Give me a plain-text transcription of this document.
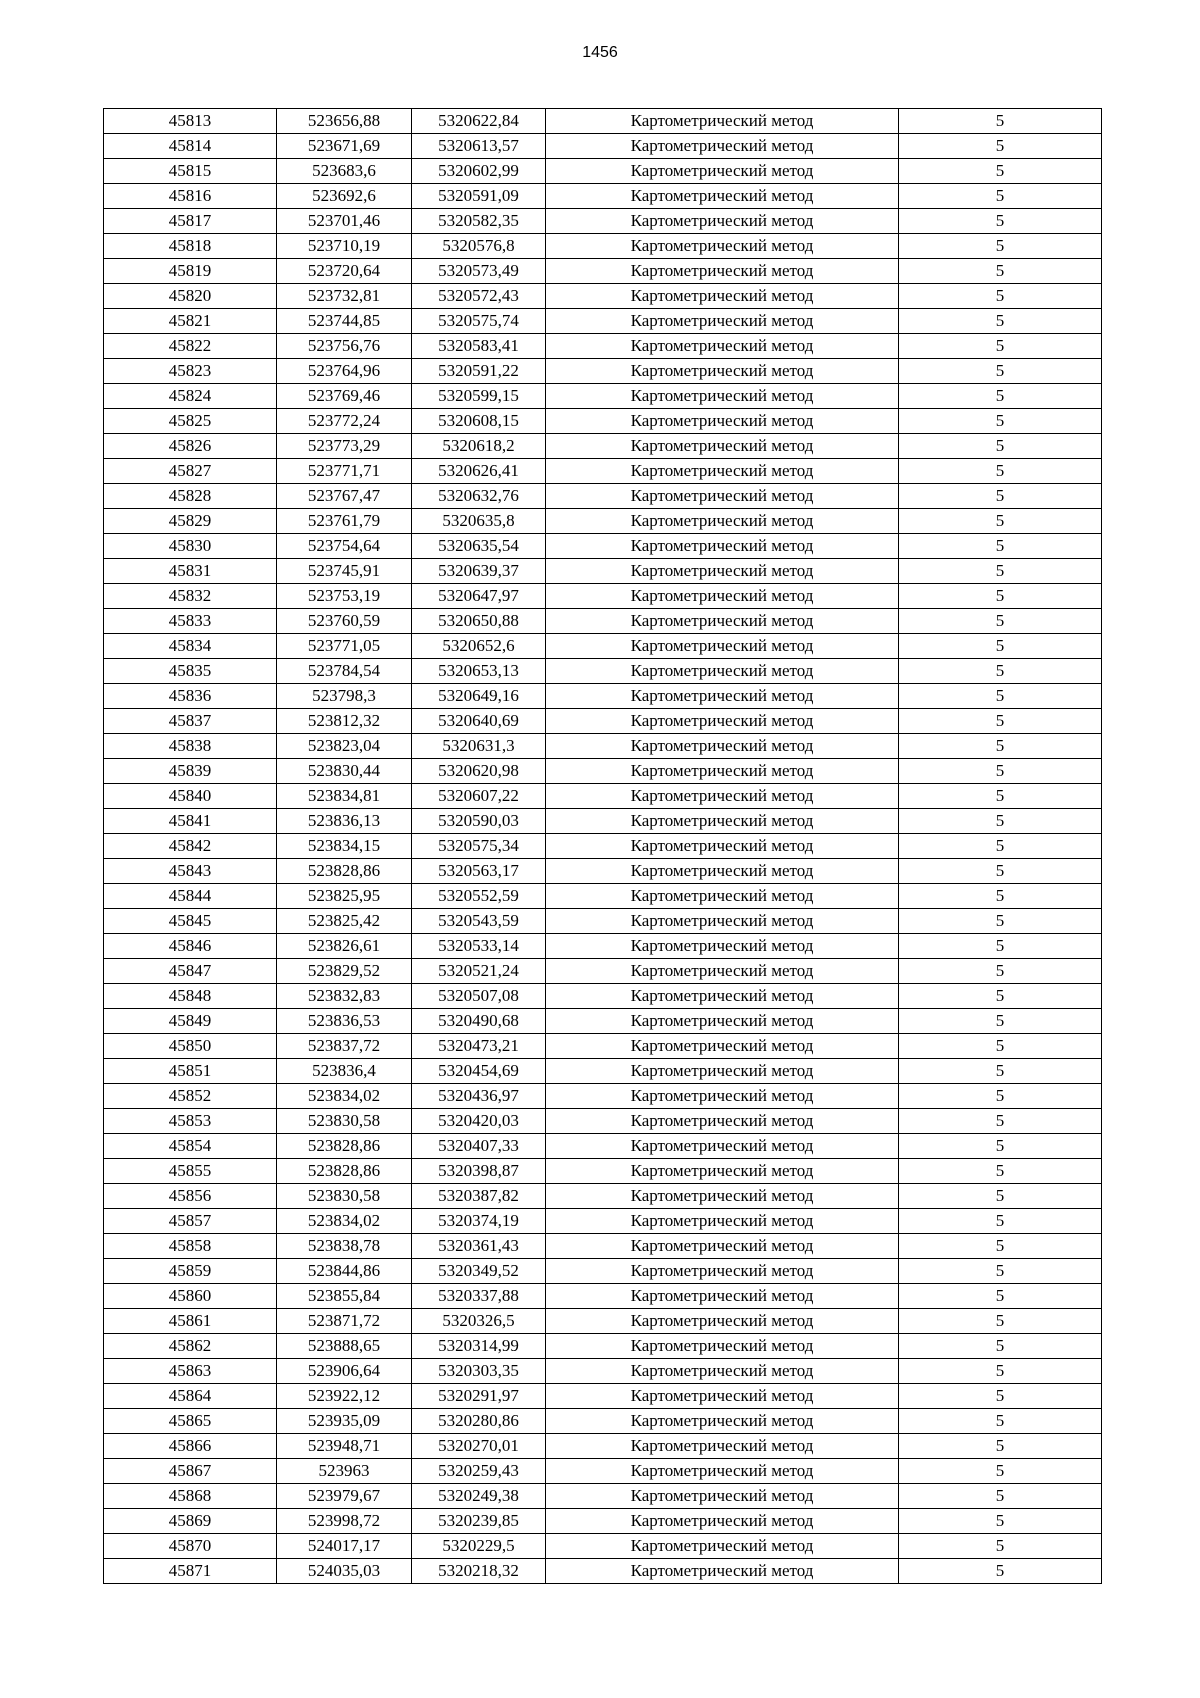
1456
45813	523656,88	5320622,84	Картометрический метод	5
45814	523671,69	5320613,57	Картометрический метод	5
45815	523683,6	5320602,99	Картометрический метод	5
45816	523692,6	5320591,09	Картометрический метод	5
45817	523701,46	5320582,35	Картометрический метод	5
45818	523710,19	5320576,8	Картометрический метод	5
45819	523720,64	5320573,49	Картометрический метод	5
45820	523732,81	5320572,43	Картометрический метод	5
45821	523744,85	5320575,74	Картометрический метод	5
45822	523756,76	5320583,41	Картометрический метод	5
45823	523764,96	5320591,22	Картометрический метод	5
45824	523769,46	5320599,15	Картометрический метод	5
45825	523772,24	5320608,15	Картометрический метод	5
45826	523773,29	5320618,2	Картометрический метод	5
45827	523771,71	5320626,41	Картометрический метод	5
45828	523767,47	5320632,76	Картометрический метод	5
45829	523761,79	5320635,8	Картометрический метод	5
45830	523754,64	5320635,54	Картометрический метод	5
45831	523745,91	5320639,37	Картометрический метод	5
45832	523753,19	5320647,97	Картометрический метод	5
45833	523760,59	5320650,88	Картометрический метод	5
45834	523771,05	5320652,6	Картометрический метод	5
45835	523784,54	5320653,13	Картометрический метод	5
45836	523798,3	5320649,16	Картометрический метод	5
45837	523812,32	5320640,69	Картометрический метод	5
45838	523823,04	5320631,3	Картометрический метод	5
45839	523830,44	5320620,98	Картометрический метод	5
45840	523834,81	5320607,22	Картометрический метод	5
45841	523836,13	5320590,03	Картометрический метод	5
45842	523834,15	5320575,34	Картометрический метод	5
45843	523828,86	5320563,17	Картометрический метод	5
45844	523825,95	5320552,59	Картометрический метод	5
45845	523825,42	5320543,59	Картометрический метод	5
45846	523826,61	5320533,14	Картометрический метод	5
45847	523829,52	5320521,24	Картометрический метод	5
45848	523832,83	5320507,08	Картометрический метод	5
45849	523836,53	5320490,68	Картометрический метод	5
45850	523837,72	5320473,21	Картометрический метод	5
45851	523836,4	5320454,69	Картометрический метод	5
45852	523834,02	5320436,97	Картометрический метод	5
45853	523830,58	5320420,03	Картометрический метод	5
45854	523828,86	5320407,33	Картометрический метод	5
45855	523828,86	5320398,87	Картометрический метод	5
45856	523830,58	5320387,82	Картометрический метод	5
45857	523834,02	5320374,19	Картометрический метод	5
45858	523838,78	5320361,43	Картометрический метод	5
45859	523844,86	5320349,52	Картометрический метод	5
45860	523855,84	5320337,88	Картометрический метод	5
45861	523871,72	5320326,5	Картометрический метод	5
45862	523888,65	5320314,99	Картометрический метод	5
45863	523906,64	5320303,35	Картометрический метод	5
45864	523922,12	5320291,97	Картометрический метод	5
45865	523935,09	5320280,86	Картометрический метод	5
45866	523948,71	5320270,01	Картометрический метод	5
45867	523963	5320259,43	Картометрический метод	5
45868	523979,67	5320249,38	Картометрический метод	5
45869	523998,72	5320239,85	Картометрический метод	5
45870	524017,17	5320229,5	Картометрический метод	5
45871	524035,03	5320218,32	Картометрический метод	5
